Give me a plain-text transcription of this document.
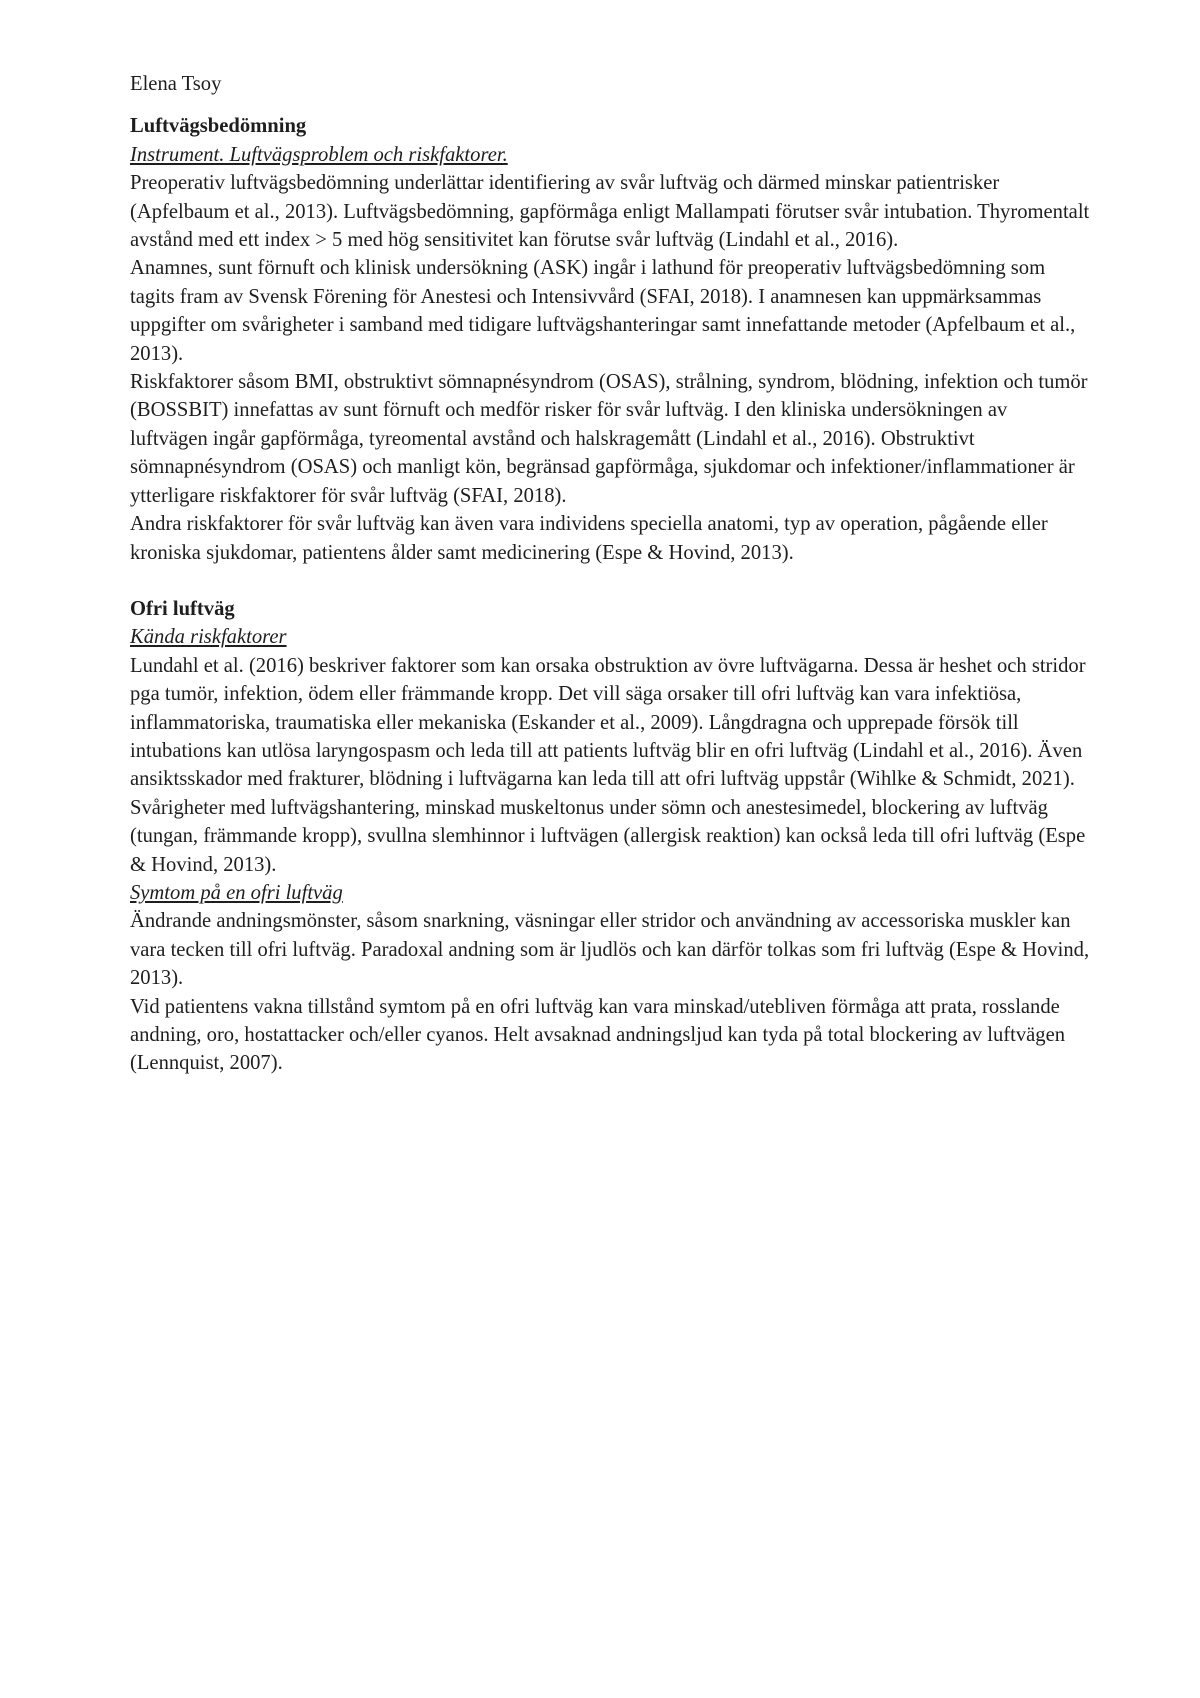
Elena Tsoy

Luftvägsbedömning

Instrument. Luftvägsproblem och riskfaktorer.

Preoperativ luftvägsbedömning underlättar identifiering av svår luftväg och därmed minskar patientrisker (Apfelbaum et al., 2013). Luftvägsbedömning, gapförmåga enligt Mallampati förutser svår intubation. Thyromentalt avstånd med ett index > 5 med hög sensitivitet kan förutse svår luftväg (Lindahl et al., 2016).

Anamnes, sunt förnuft och klinisk undersökning (ASK) ingår i lathund för preoperativ luftvägsbedömning som tagits fram av Svensk Förening för Anestesi och Intensivvård (SFAI, 2018). I anamnesen kan uppmärksammas uppgifter om svårigheter i samband med tidigare luftvägshanteringar samt innefattande metoder (Apfelbaum et al., 2013).

Riskfaktorer såsom BMI, obstruktivt sömnapnésyndrom (OSAS), strålning, syndrom, blödning, infektion och tumör (BOSSBIT) innefattas av sunt förnuft och medför risker för svår luftväg. I den kliniska undersökningen av luftvägen ingår gapförmåga, tyreomental avstånd och halskragemått (Lindahl et al., 2016). Obstruktivt sömnapnésyndrom (OSAS) och manligt kön, begränsad gapförmåga, sjukdomar och infektioner/inflammationer är ytterligare riskfaktorer för svår luftväg (SFAI, 2018).

Andra riskfaktorer för svår luftväg kan även vara individens speciella anatomi, typ av operation, pågående eller kroniska sjukdomar, patientens ålder samt medicinering (Espe & Hovind, 2013).

Ofri luftväg

Kända riskfaktorer

Lundahl et al. (2016) beskriver faktorer som kan orsaka obstruktion av övre luftvägarna. Dessa är heshet och stridor pga tumör, infektion, ödem eller främmande kropp. Det vill säga orsaker till ofri luftväg kan vara infektiösa, inflammatoriska, traumatiska eller mekaniska (Eskander et al., 2009). Långdragna och upprepade försök till intubations kan utlösa laryngospasm och leda till att patients luftväg blir en ofri luftväg (Lindahl et al., 2016). Även ansiktsskador med frakturer, blödning i luftvägarna kan leda till att ofri luftväg uppstår (Wihlke & Schmidt, 2021).

Svårigheter med luftvägshantering, minskad muskeltonus under sömn och anestesimedel, blockering av luftväg (tungan, främmande kropp), svullna slemhinnor i luftvägen (allergisk reaktion) kan också leda till ofri luftväg (Espe & Hovind, 2013).

Symtom på en ofri luftväg

Ändrande andningsmönster, såsom snarkning, väsningar eller stridor och användning av accessoriska muskler kan vara tecken till ofri luftväg. Paradoxal andning som är ljudlös och kan därför tolkas som fri luftväg (Espe & Hovind, 2013).

Vid patientens vakna tillstånd symtom på en ofri luftväg kan vara minskad/utebliven förmåga att prata, rosslande andning, oro, hostattacker och/eller cyanos. Helt avsaknad andningsljud kan tyda på total blockering av luftvägen (Lennquist, 2007).
